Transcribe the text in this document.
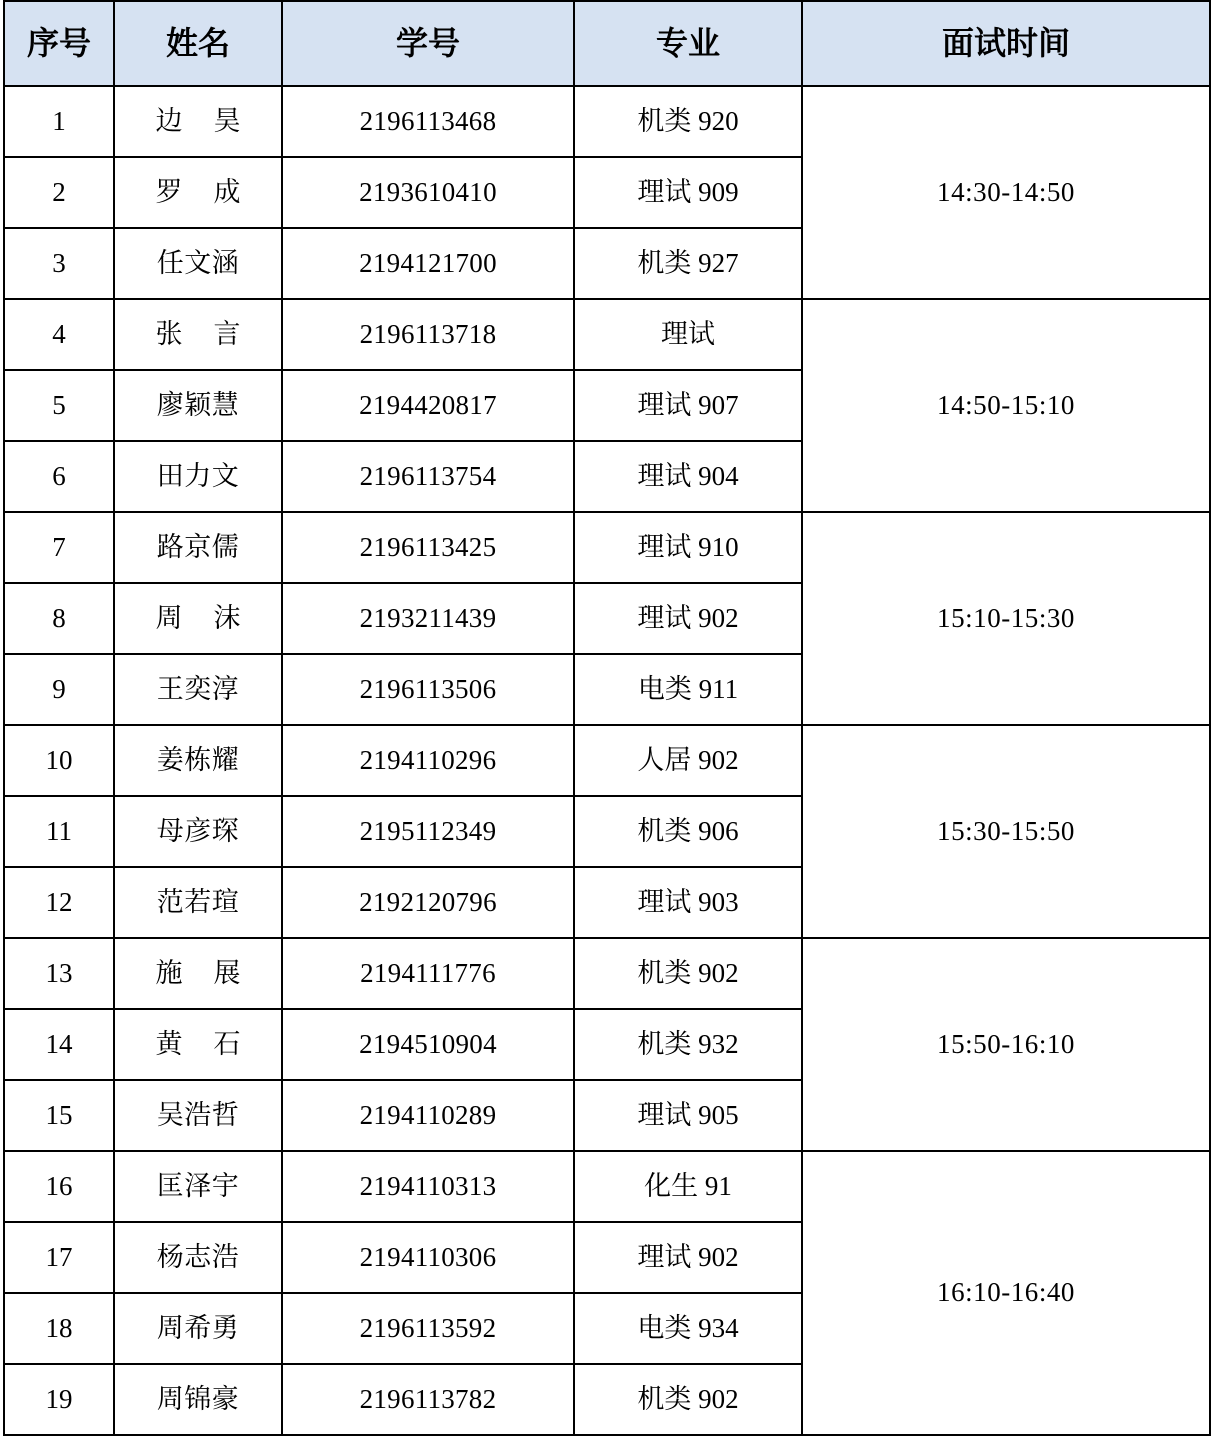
序号	姓名	学号	专业	面试时间
1	边 昊	2196113468	机类 920	14:30-14:50
2	罗 成	2193610410	理试 909	
3	任文涵	2194121700	机类 927	
4	张 言	2196113718	理试	14:50-15:10
5	廖颖慧	2194420817	理试 907	
6	田力文	2196113754	理试 904	
7	路京儒	2196113425	理试 910	15:10-15:30
8	周 沫	2193211439	理试 902	
9	王奕淳	2196113506	电类 911	
10	姜栋耀	2194110296	人居 902	15:30-15:50
11	母彦琛	2195112349	机类 906	
12	范若瑄	2192120796	理试 903	
13	施 展	2194111776	机类 902	15:50-16:10
14	黄 石	2194510904	机类 932	
15	吴浩哲	2194110289	理试 905	
16	匡泽宇	2194110313	化生 91	16:10-16:40
17	杨志浩	2194110306	理试 902	
18	周希勇	2196113592	电类 934	
19	周锦豪	2196113782	机类 902	
